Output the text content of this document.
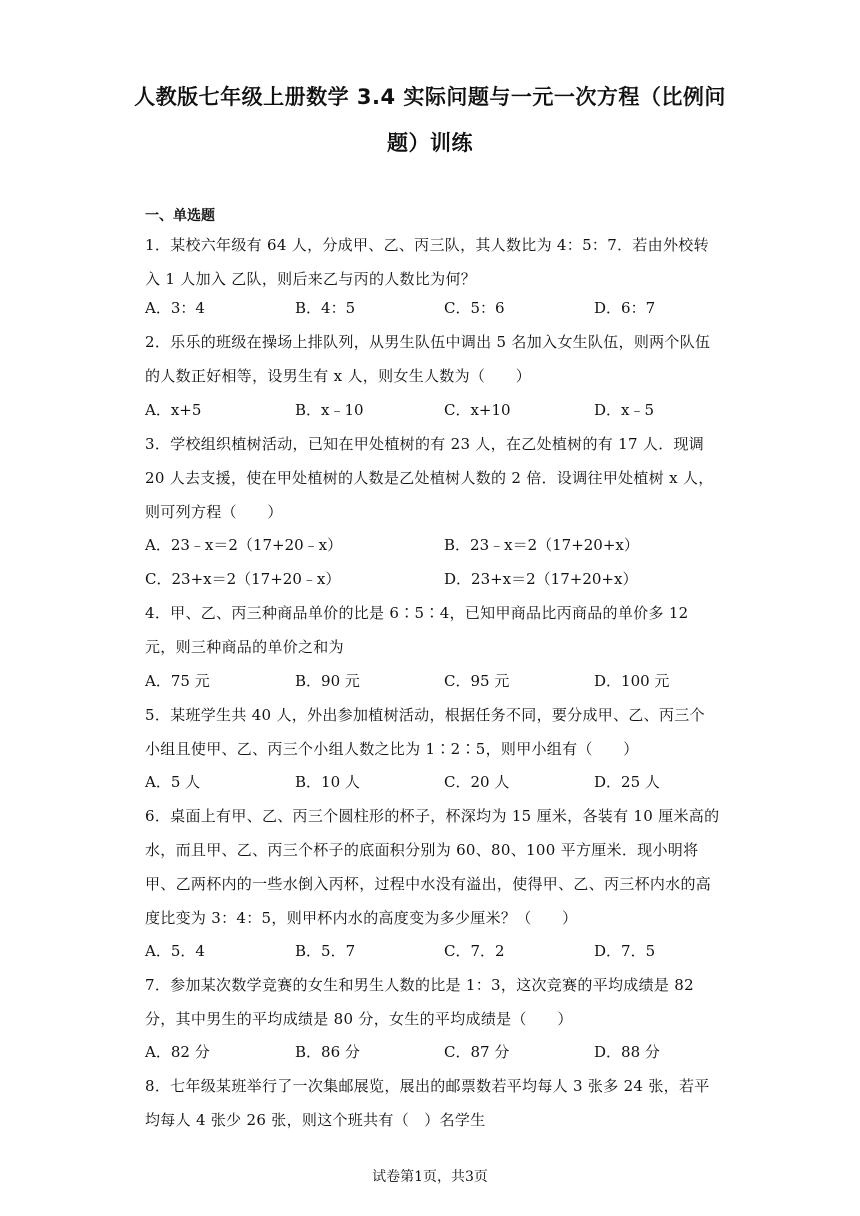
人教版七年级上册数学 3.4 实际问题与一元一次方程（比例问题）训练
一、单选题
1．某校六年级有 64 人，分成甲、乙、丙三队，其人数比为 4：5：7．若由外校转入 1 人加入 乙队，则后来乙与丙的人数比为何？
A．3：4	B．4：5	C．5：6	D．6：7
2．乐乐的班级在操场上排队列，从男生队伍中调出 5 名加入女生队伍，则两个队伍的人数正好相等，设男生有 x 人，则女生人数为（　　）
A．x+5	B．x﹣10	C．x+10	D．x﹣5
3．学校组织植树活动，已知在甲处植树的有 23 人，在乙处植树的有 17 人．现调 20 人去支援，使在甲处植树的人数是乙处植树人数的 2 倍．设调往甲处植树 x 人，则可列方程（　　）
A．23﹣x＝2（17+20﹣x）	B．23﹣x＝2（17+20+x）
C．23+x＝2（17+20﹣x）	D．23+x＝2（17+20+x）
4．甲、乙、丙三种商品单价的比是 6∶5∶4，已知甲商品比丙商品的单价多 12 元，则三种商品的单价之和为
A．75 元	B．90 元	C．95 元	D．100 元
5．某班学生共 40 人，外出参加植树活动，根据任务不同，要分成甲、乙、丙三个小组且使甲、乙、丙三个小组人数之比为 1∶2∶5，则甲小组有（　　）
A．5 人	B．10 人	C．20 人	D．25 人
6．桌面上有甲、乙、丙三个圆柱形的杯子，杯深均为 15 厘米，各装有 10 厘米高的水，而且甲、乙、丙三个杯子的底面积分别为 60、80、100 平方厘米．现小明将甲、乙两杯内的一些水倒入丙杯，过程中水没有溢出，使得甲、乙、丙三杯内水的高度比变为 3：4：5，则甲杯内水的高度变为多少厘米？（　　）
A．5．4	B．5．7	C．7．2	D．7．5
7．参加某次数学竞赛的女生和男生人数的比是 1：3，这次竞赛的平均成绩是 82 分，其中男生的平均成绩是 80 分，女生的平均成绩是（　　）
A．82 分	B．86 分	C．87 分	D．88 分
8．七年级某班举行了一次集邮展览，展出的邮票数若平均每人 3 张多 24 张，若平均每人 4 张少 26 张，则这个班共有（　）名学生
试卷第1页，共3页
